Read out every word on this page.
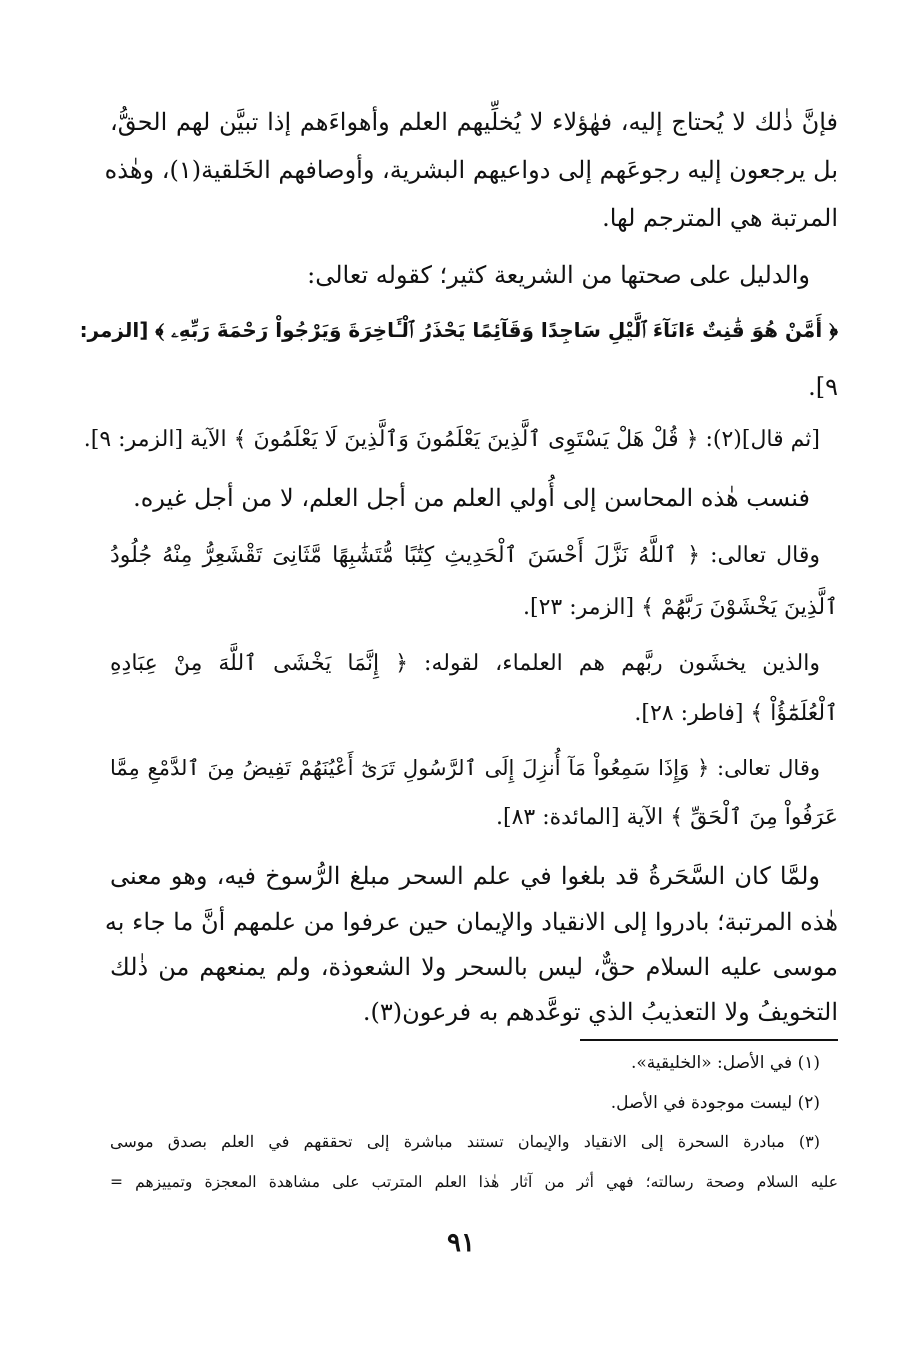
فإنَّ ذٰلك لا يُحتاج إليه، فهٰؤلاء لا يُخلِّيهم العلم وأهواءَهم إذا تبيَّن لهم الحقُّ،
بل يرجعون إليه رجوعَهم إلى دواعيهم البشرية، وأوصافهم الخَلقية(١)، وهٰذه
المرتبة هي المترجم لها.
والدليل على صحتها من الشريعة كثير؛ كقوله تعالى:
﴿ أَمَّنْ هُوَ قَٰنِتٌ ءَانَآءَ ٱلَّيْلِ سَاجِدًا وَقَآئِمًا يَحْذَرُ ٱلْـَٔاخِرَةَ وَيَرْجُواْ رَحْمَةَ رَبِّهِۦ ﴾ [الزمر:
٩].
[ثم قال](٢): ﴿ قُلْ هَلْ يَسْتَوِى ٱلَّذِينَ يَعْلَمُونَ وَٱلَّذِينَ لَا يَعْلَمُونَ ﴾ الآية [الزمر: ٩].
فنسب هٰذه المحاسن إلى أُولي العلم من أجل العلم، لا من أجل غيره.
وقال تعالى: ﴿ ٱللَّهُ نَزَّلَ أَحْسَنَ ٱلْحَدِيثِ كِتَٰبًا مُّتَشَٰبِهًا مَّثَانِىَ تَقْشَعِرُّ مِنْهُ جُلُودُ
ٱلَّذِينَ يَخْشَوْنَ رَبَّهُمْ ﴾ [الزمر: ٢٣].
والذين يخشَون ربَّهم هم العلماء، لقوله: ﴿ إِنَّمَا يَخْشَى ٱللَّهَ مِنْ عِبَادِهِ
ٱلْعُلَمَٰٓؤُاْ ﴾ [فاطر: ٢٨].
وقال تعالى: ﴿ وَإِذَا سَمِعُواْ مَآ أُنزِلَ إِلَى ٱلرَّسُولِ تَرَىٰٓ أَعْيُنَهُمْ تَفِيضُ مِنَ ٱلدَّمْعِ مِمَّا
عَرَفُواْ مِنَ ٱلْحَقِّ ﴾ الآية [المائدة: ٨٣].
ولمَّا كان السَّحَرةُ قد بلغوا في علم السحر مبلغ الرُّسوخ فيه، وهو معنى
هٰذه المرتبة؛ بادروا إلى الانقياد والإيمان حين عرفوا من علمهم أنَّ ما جاء به
موسى عليه السلام حقٌّ، ليس بالسحر ولا الشعوذة، ولم يمنعهم من ذٰلك
التخويفُ ولا التعذيبُ الذي توعَّدهم به فرعون(٣).
(١) في الأصل: «الخليقية».
(٢) ليست موجودة في الأصل.
(٣) مبادرة السحرة إلى الانقياد والإيمان تستند مباشرة إلى تحققهم في العلم بصدق موسى
عليه السلام وصحة رسالته؛ فهي أثر من آثار هٰذا العلم المترتب على مشاهدة المعجزة وتمييزهم =
٩١
